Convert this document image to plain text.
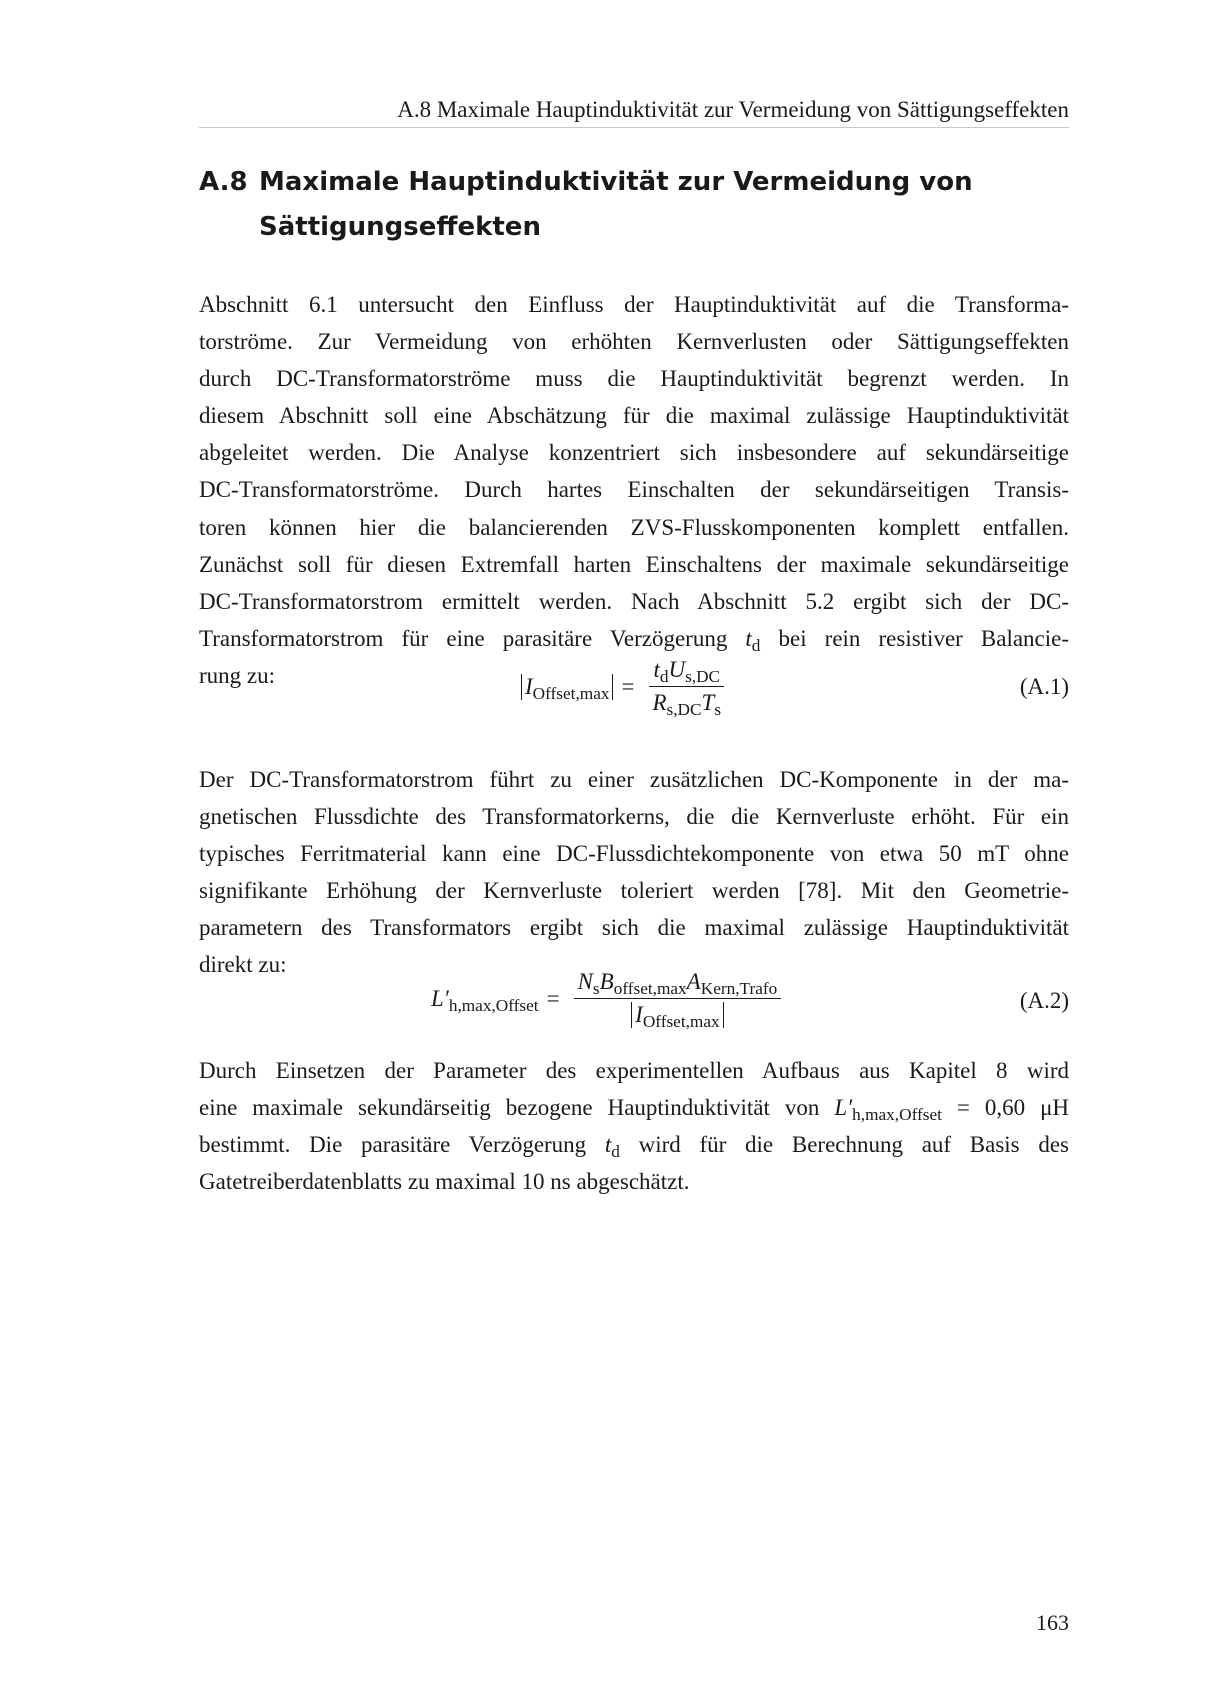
A.8 Maximale Hauptinduktivität zur Vermeidung von Sättigungseffekten
A.8 Maximale Hauptinduktivität zur Vermeidung von Sättigungseffekten
Abschnitt 6.1 untersucht den Einfluss der Hauptinduktivität auf die Transforma-
torströme. Zur Vermeidung von erhöhten Kernverlusten oder Sättigungseffekten
durch DC-Transformatorströme muss die Hauptinduktivität begrenzt werden. In
diesem Abschnitt soll eine Abschätzung für die maximal zulässige Hauptinduktivität
abgeleitet werden. Die Analyse konzentriert sich insbesondere auf sekundärseitige
DC-Transformatorströme. Durch hartes Einschalten der sekundärseitigen Transis-
toren können hier die balancierenden ZVS-Flusskomponenten komplett entfallen.
Zunächst soll für diesen Extremfall harten Einschaltens der maximale sekundärseitige
DC-Transformatorstrom ermittelt werden. Nach Abschnitt 5.2 ergibt sich der DC-
Transformatorstrom für eine parasitäre Verzögerung $t_d$ bei rein resistiver Balancie-
rung zu:	$I_{Offset,max} = \frac{t_dU_{s,DC}}{R_{s,DC}T_s}$	(A.1)
Der DC-Transformatorstrom führt zu einer zusätzlichen DC-Komponente in der ma-
gnetischen Flussdichte des Transformatorkerns, die die Kernverluste erhöht. Für ein
typisches Ferritmaterial kann eine DC-Flussdichtekomponente von etwa 50 mT ohne
signifikante Erhöhung der Kernverluste toleriert werden [78]. Mit den Geometrie-
parametern des Transformators ergibt sich die maximal zulässige Hauptinduktivität
direkt zu:
$L'_{h,max,Offset} = \frac{N_sB_{offset,max}A_{Kern,Trafo}}{I_{Offset,max}}$	(A.2)
Durch Einsetzen der Parameter des experimentellen Aufbaus aus Kapitel 8 wird
eine maximale sekundärseitig bezogene Hauptinduktivität von $L'_{h,max,Offset} = 0,60$ μH
bestimmt. Die parasitäre Verzögerung $t_d$ wird für die Berechnung auf Basis des
Gatetreiberdatenblatts zu maximal 10 ns abgeschätzt.
163
